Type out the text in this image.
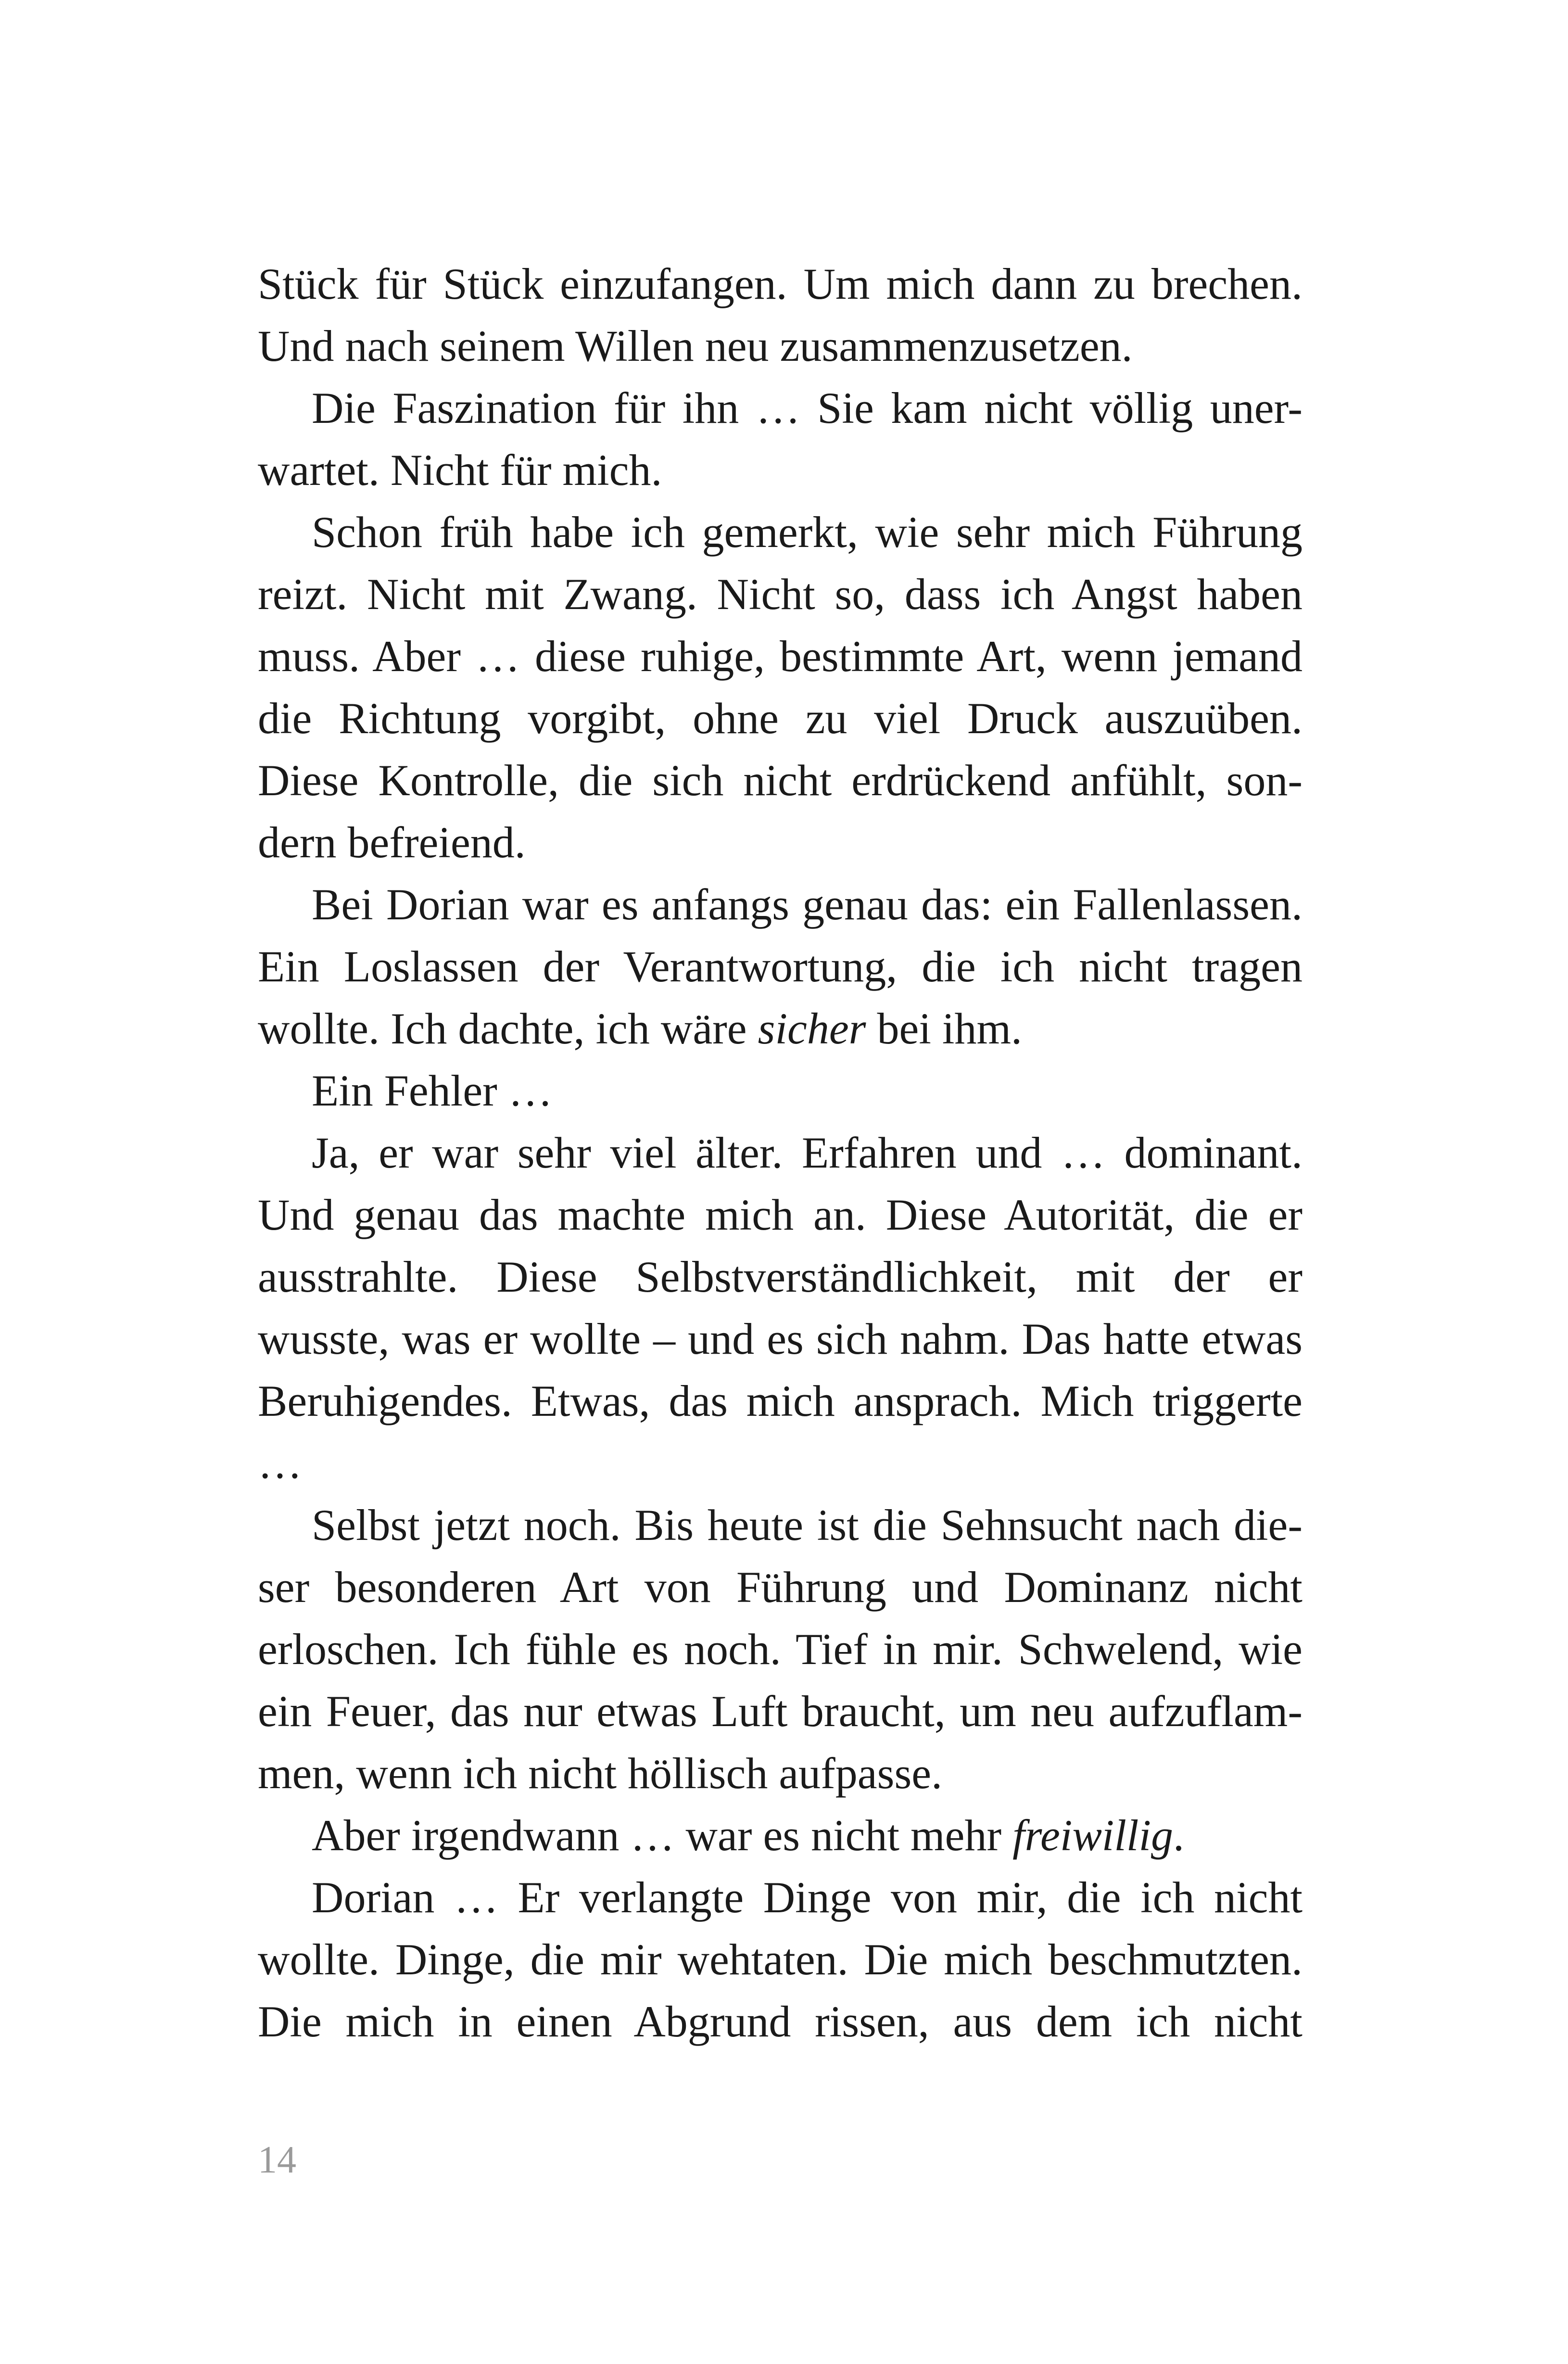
Stück für Stück einzufangen. Um mich dann zu brechen.
Und nach seinem Willen neu zusammenzusetzen.
Die Faszination für ihn … Sie kam nicht völlig uner-
wartet. Nicht für mich.
Schon früh habe ich gemerkt, wie sehr mich Führung
reizt. Nicht mit Zwang. Nicht so, dass ich Angst haben
muss. Aber … diese ruhige, bestimmte Art, wenn jemand
die Richtung vorgibt, ohne zu viel Druck auszuüben.
Diese Kontrolle, die sich nicht erdrückend anfühlt, son-
dern befreiend.
Bei Dorian war es anfangs genau das: ein Fallenlassen.
Ein Loslassen der Verantwortung, die ich nicht tragen
wollte. Ich dachte, ich wäre sicher bei ihm.
Ein Fehler …
Ja, er war sehr viel älter. Erfahren und … dominant.
Und genau das machte mich an. Diese Autorität, die er
ausstrahlte. Diese Selbstverständlichkeit, mit der er
wusste, was er wollte – und es sich nahm. Das hatte etwas
Beruhigendes. Etwas, das mich ansprach. Mich triggerte
…
Selbst jetzt noch. Bis heute ist die Sehnsucht nach die-
ser besonderen Art von Führung und Dominanz nicht
erloschen. Ich fühle es noch. Tief in mir. Schwelend, wie
ein Feuer, das nur etwas Luft braucht, um neu aufzuflam-
men, wenn ich nicht höllisch aufpasse.
Aber irgendwann … war es nicht mehr freiwillig.
Dorian … Er verlangte Dinge von mir, die ich nicht
wollte. Dinge, die mir wehtaten. Die mich beschmutzten.
Die mich in einen Abgrund rissen, aus dem ich nicht
14
